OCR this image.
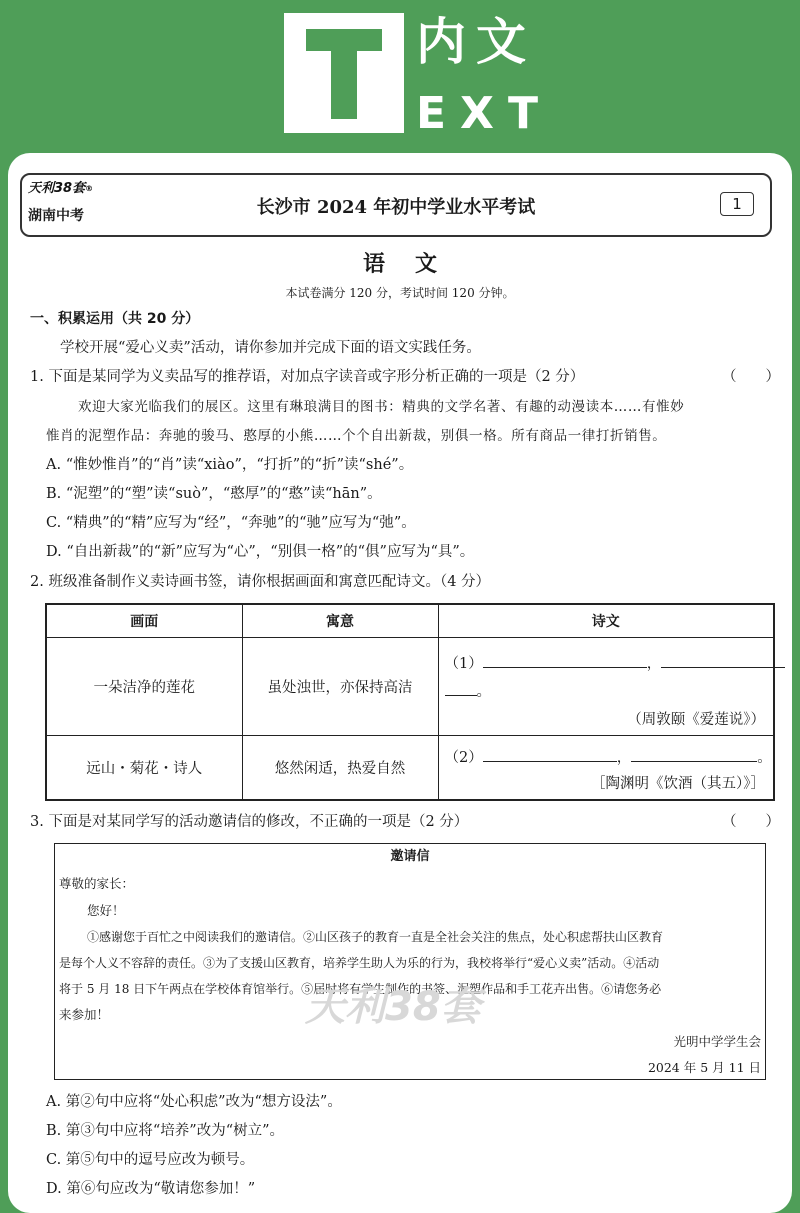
内文
EXT
天利38套®
湖南中考	长沙市 2024 年初中学业水平考试	1
语文
本试卷满分 120 分，考试时间 120 分钟。
一、积累运用（共 20 分）
学校开展“爱心义卖”活动，请你参加并完成下面的语文实践任务。
1. 下面是某同学为义卖品写的推荐语，对加点字读音或字形分析正确的一项是（2 分）	（　　）
欢迎大家光临我们的展区。这里有琳琅满目的图书：精典的文学名著、有趣的动漫读本……有惟妙
惟肖的泥塑作品：奔驰的骏马、憨厚的小熊……个个自出新裁，别俱一格。所有商品一律打折销售。
A. “惟妙惟肖”的“肖”读“xiào”，“打折”的“折”读“shé”。
B. “泥塑”的“塑”读“suò”，“憨厚”的“憨”读“hān”。
C. “精典”的“精”应写为“经”，“奔驰”的“驰”应写为“弛”。
D. “自出新裁”的“新”应写为“心”，“别俱一格”的“俱”应写为“具”。
2. 班级准备制作义卖诗画书签，请你根据画面和寓意匹配诗文。（4 分）
画面	寓意	诗文
一朵洁净的莲花	虽处浊世，亦保持高洁	（1） ，
。
（周敦颐《爱莲说》）

远山・菊花・诗人	悠然闲适，热爱自然	（2） ， 。
［陶渊明《饮酒（其五）》］
3. 下面是对某同学写的活动邀请信的修改，不正确的一项是（2 分）	（　　）
邀请信
尊敬的家长：
您好！
①感谢您于百忙之中阅读我们的邀请信。②山区孩子的教育一直是全社会关注的焦点，处心积虑帮扶山区教育
是每个人义不容辞的责任。③为了支援山区教育，培养学生助人为乐的行为，我校将举行“爱心义卖”活动。④活动
将于 5 月 18 日下午两点在学校体育馆举行。⑤届时将有学生制作的书签、泥塑作品和手工花卉出售。⑥请您务必
来参加！	天利38套
光明中学学生会
2024 年 5 月 11 日
A. 第②句中应将“处心积虑”改为“想方设法”。
B. 第③句中应将“培养”改为“树立”。
C. 第⑤句中的逗号应改为顿号。
D. 第⑥句应改为“敬请您参加！”
